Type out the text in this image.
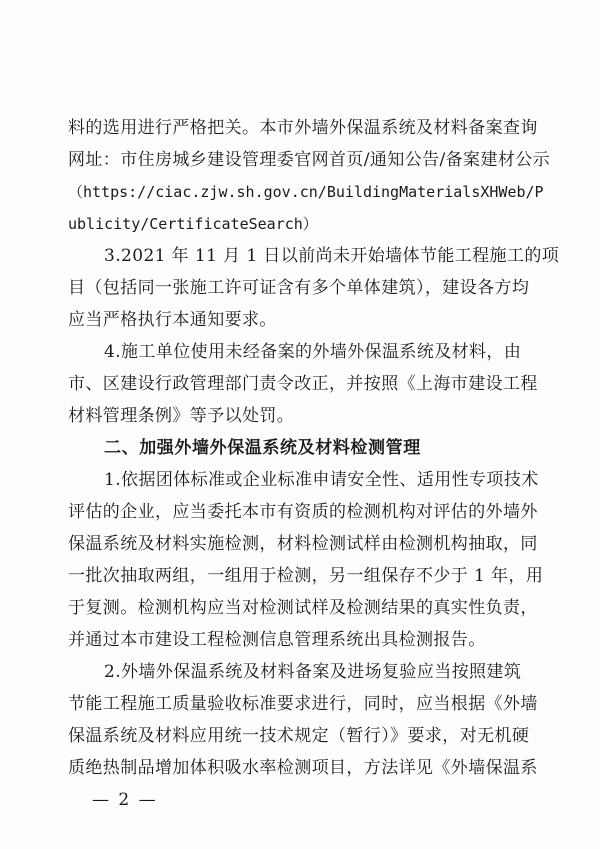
料的选用进行严格把关。本市外墙外保温系统及材料备案查询
网址：市住房城乡建设管理委官网首页/通知公告/备案建材公示
（https://ciac.zjw.sh.gov.cn/BuildingMaterialsXHWeb/P
ublicity/CertificateSearch）
3.2021 年 11 月 1 日以前尚未开始墙体节能工程施工的项
目（包括同一张施工许可证含有多个单体建筑），建设各方均
应当严格执行本通知要求。
4.施工单位使用未经备案的外墙外保温系统及材料，由
市、区建设行政管理部门责令改正，并按照《上海市建设工程
材料管理条例》等予以处罚。
二、加强外墙外保温系统及材料检测管理
1.依据团体标准或企业标准申请安全性、适用性专项技术
评估的企业，应当委托本市有资质的检测机构对评估的外墙外
保温系统及材料实施检测，材料检测试样由检测机构抽取，同
一批次抽取两组，一组用于检测，另一组保存不少于 1 年，用
于复测。检测机构应当对检测试样及检测结果的真实性负责，
并通过本市建设工程检测信息管理系统出具检测报告。
2.外墙外保温系统及材料备案及进场复验应当按照建筑
节能工程施工质量验收标准要求进行，同时，应当根据《外墙
保温系统及材料应用统一技术规定（暂行）》要求，对无机硬
质绝热制品增加体积吸水率检测项目，方法详见《外墙保温系
— 2 —
